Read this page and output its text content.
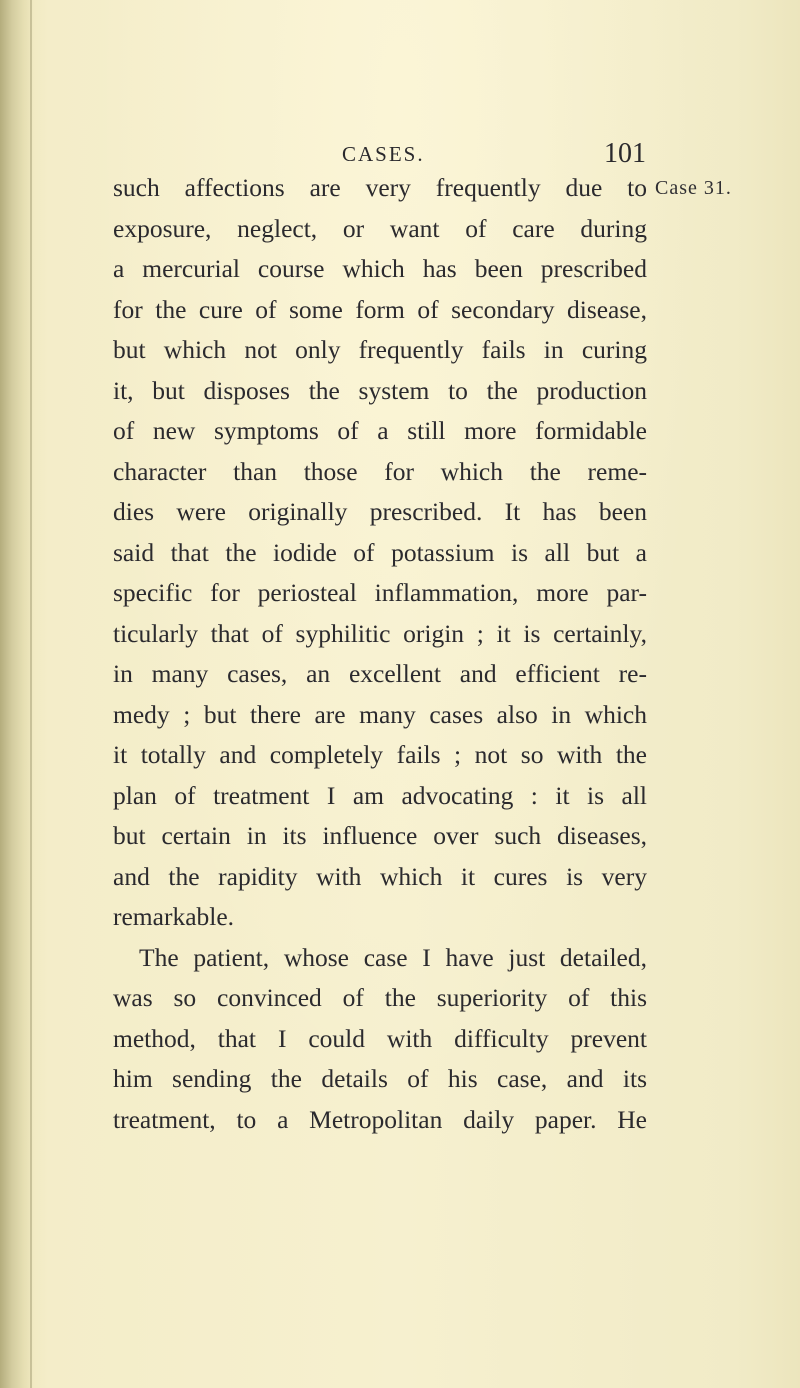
CASES.	101
Case 31.
such affections are very frequently due to
exposure, neglect, or want of care during
a mercurial course which has been prescribed
for the cure of some form of secondary disease,
but which not only frequently fails in curing
it, but disposes the system to the production
of new symptoms of a still more formidable
character than those for which the reme-
dies were originally prescribed. It has been
said that the iodide of potassium is all but a
specific for periosteal inflammation, more par-
ticularly that of syphilitic origin ; it is certainly,
in many cases, an excellent and efficient re-
medy ; but there are many cases also in which
it totally and completely fails ; not so with the
plan of treatment I am advocating : it is all
but certain in its influence over such diseases,
and the rapidity with which it cures is very
remarkable.
The patient, whose case I have just detailed,
was so convinced of the superiority of this
method, that I could with difficulty prevent
him sending the details of his case, and its
treatment, to a Metropolitan daily paper. He
